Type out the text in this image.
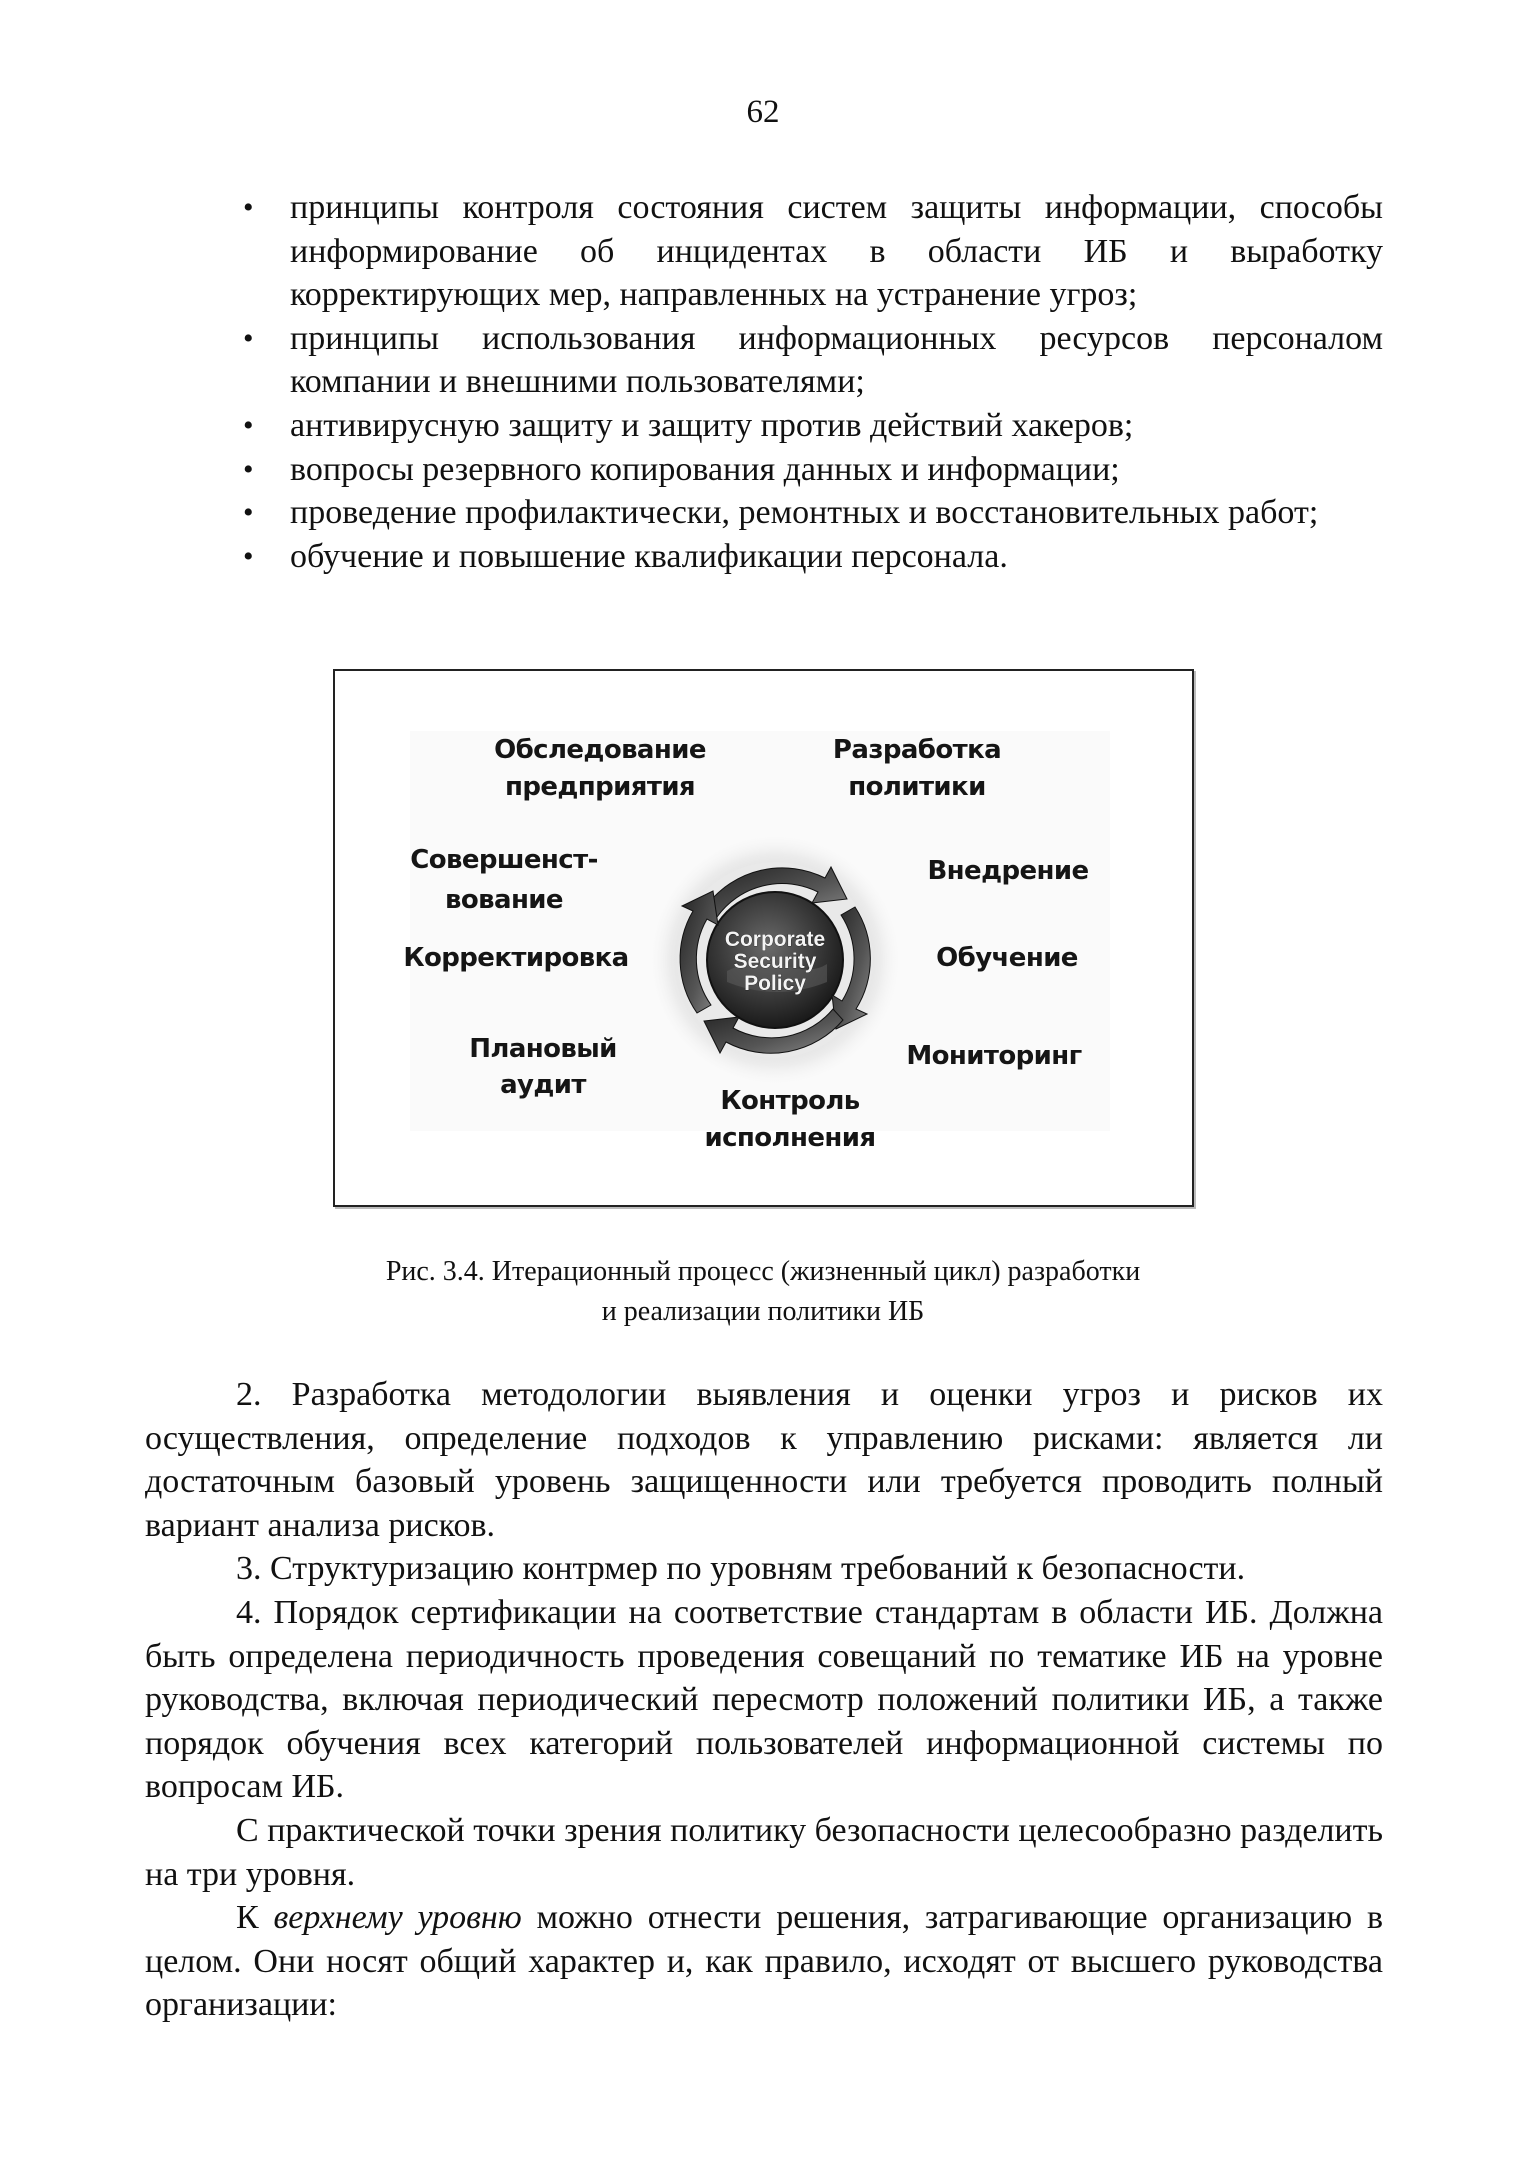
62
• принципы контроля состояния систем защиты информации, способы информирование об инцидентах в области ИБ и выработку корректирующих мер, направленных на устранение угроз;
• принципы использования информационных ресурсов персоналом компании и внешними пользователями;
• антивирусную защиту и защиту против действий хакеров;
• вопросы резервного копирования данных и информации;
• проведение профилактически, ремонтных и восстановительных работ;
• обучение и повышение квалификации персонала.
Corporate
Security
Policy
Обследование
предприятия
Разработка
политики
Внедрение
Обучение
Мониторинг
Контроль
исполнения
Плановый
аудит
Корректировка
Совершенст-
вование
Рис. 3.4. Итерационный процесс (жизненный цикл) разработки
и реализации политики ИБ

2. Разработка методологии выявления и оценки угроз и рисков их осуществления, определение подходов к управлению рисками: является ли достаточным базовый уровень защищенности или требуется проводить полный вариант анализа рисков.

3. Структуризацию контрмер по уровням требований к безопасности.

4. Порядок сертификации на соответствие стандартам в области ИБ. Должна быть определена периодичность проведения совещаний по тематике ИБ на уровне руководства, включая периодический пересмотр положений политики ИБ, а также порядок обучения всех категорий пользователей информационной системы по вопросам ИБ.

С практической точки зрения политику безопасности целесообразно разделить на три уровня.

К верхнему уровню можно отнести решения, затрагивающие организацию в целом. Они носят общий характер и, как правило, исходят от высшего руководства организации:
